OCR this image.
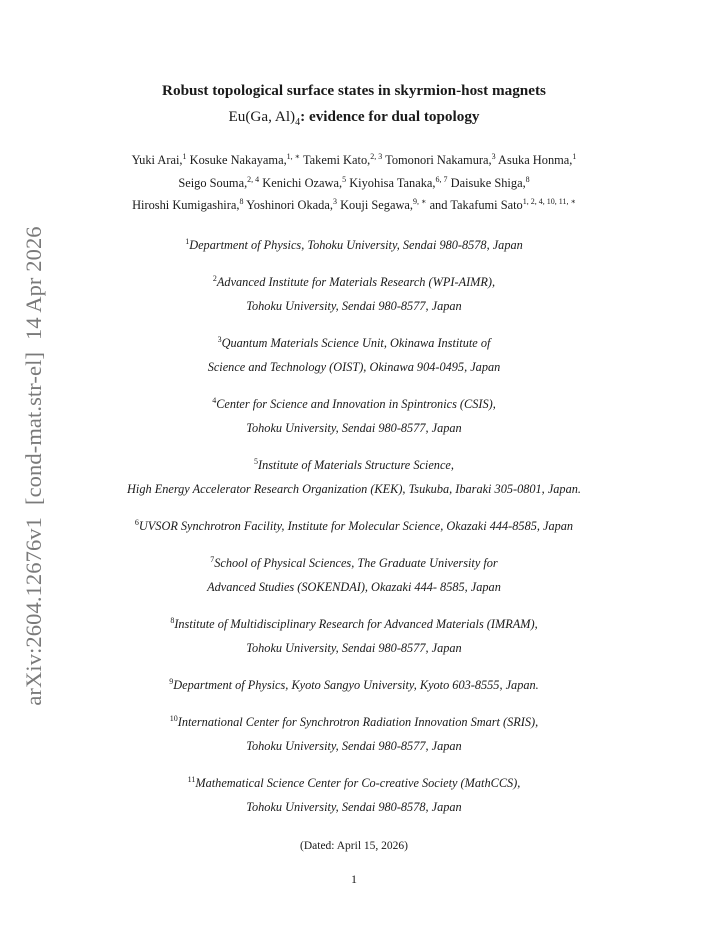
arXiv:2604.12676v1[cond-mat.str-el]14 Apr 2026
Robust topological surface states in skyrmion-host magnets
Eu(Ga, $Al)_4$: evidence for dual topology
Yuki Arai,$^1$ Kosuke Nakayama,$^{1, ∗}$ Takemi Kato,$^{2, 3}$ Tomonori Nakamura,$^3$ Asuka Honma,$^1$
Seigo Souma,$^{2, 4}$ Kenichi Ozawa,$^5$ Kiyohisa Tanaka,$^{6, 7}$ Daisuke Shiga,$^8$
Hiroshi Kumigashira,$^8$ Yoshinori Okada,$^3$ Kouji Segawa,$^{9, ∗}$ and Takafumi Sato$^{1, 2, 4, 10, 11, ∗}$
$^1$Department of Physics, Tohoku University, Sendai 980-8578, Japan
$^2$Advanced Institute for Materials Research (WPI-AIMR),
Tohoku University, Sendai 980-8577, Japan
$^3$Quantum Materials Science Unit, Okinawa Institute of
Science and Technology (OIST), Okinawa 904-0495, Japan
$^4$Center for Science and Innovation in Spintronics (CSIS),
Tohoku University, Sendai 980-8577, Japan
$^5$Institute of Materials Structure Science,
High Energy Accelerator Research Organization (KEK), Tsukuba, Ibaraki 305-0801, Japan.
$^6$UVSOR Synchrotron Facility, Institute for Molecular Science, Okazaki 444-8585, Japan
$^7$School of Physical Sciences, The Graduate University for
Advanced Studies (SOKENDAI), Okazaki 444- 8585, Japan
$^8$Institute of Multidisciplinary Research for Advanced Materials (IMRAM),
Tohoku University, Sendai 980-8577, Japan
$^9$Department of Physics, Kyoto Sangyo University, Kyoto 603-8555, Japan.
$^{10}$International Center for Synchrotron Radiation Innovation Smart (SRIS),
Tohoku University, Sendai 980-8577, Japan
$^{11}$Mathematical Science Center for Co-creative Society (MathCCS),
Tohoku University, Sendai 980-8578, Japan
(Dated: April 15, 2026)
1
